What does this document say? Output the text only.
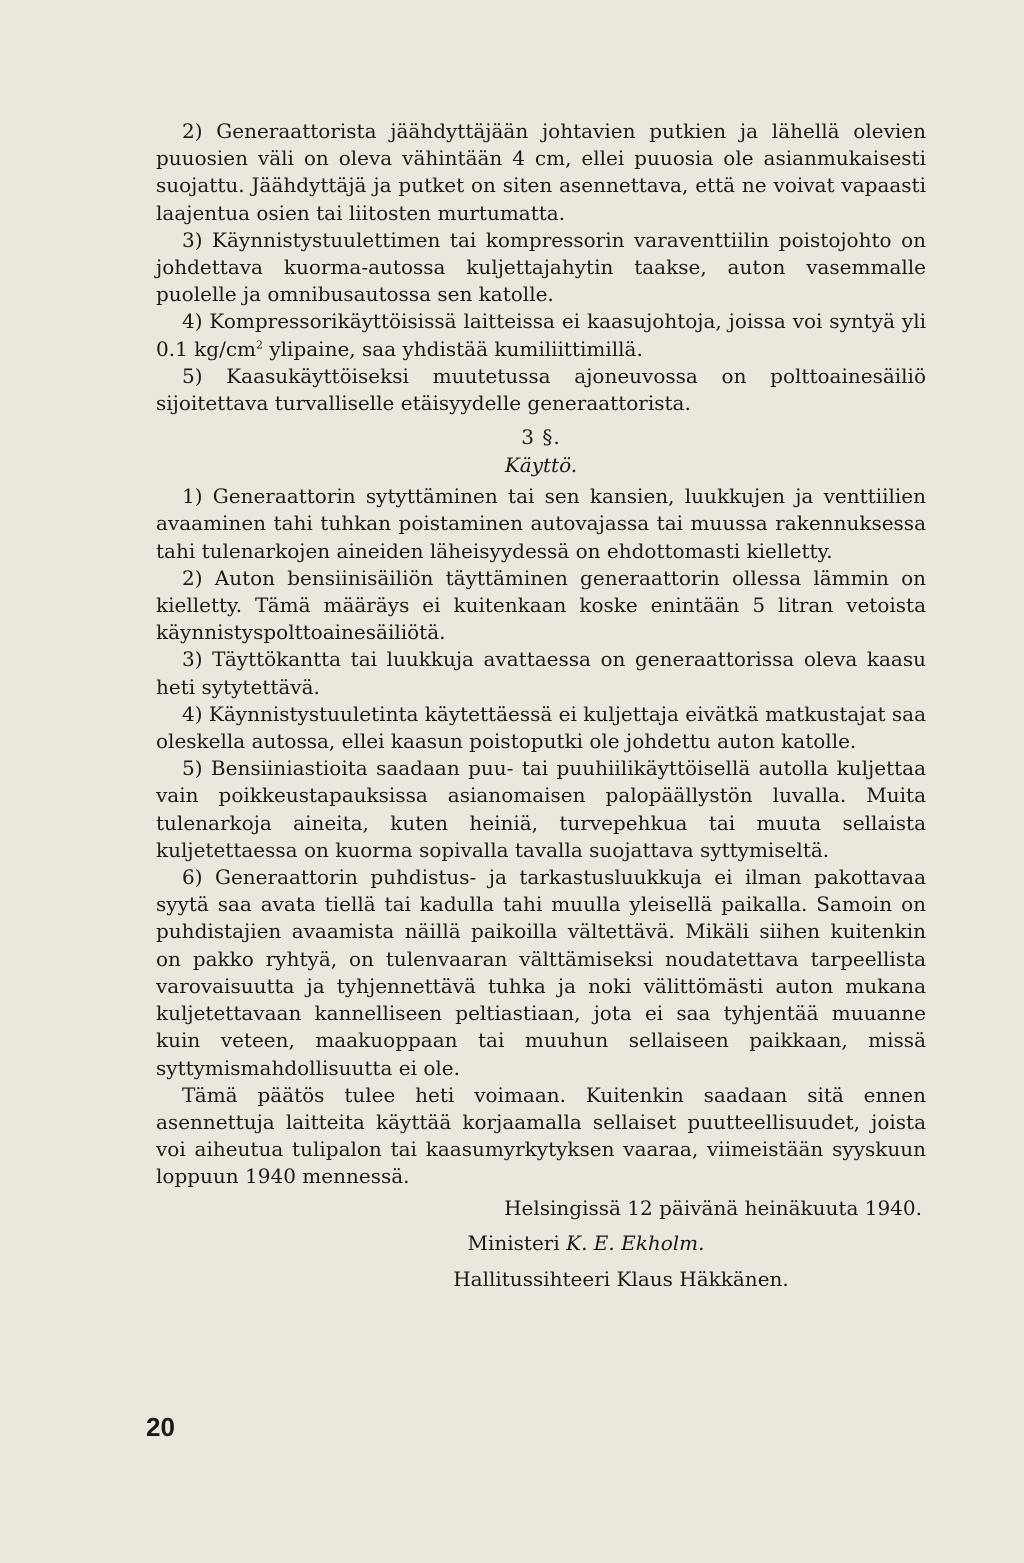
2) Generaattorista jäähdyttäjään johtavien putkien ja lähellä olevien puuosien väli on oleva vähintään 4 cm, ellei puuosia ole asianmukaisesti suojattu. Jäähdyttäjä ja putket on siten asennettava, että ne voivat vapaasti laajentua osien tai liitosten murtumatta.

3) Käynnistystuulettimen tai kompressorin varaventtiilin poistojohto on johdettava kuorma-autossa kuljettajahytin taakse, auton vasemmalle puolelle ja omnibusautossa sen katolle.

4) Kompressorikäyttöisissä laitteissa ei kaasujohtoja, joissa voi syntyä yli 0.1 $kg/cm^2$ ylipaine, saa yhdistää kumiliittimillä.

5) Kaasukäyttöiseksi muutetussa ajoneuvossa on polttoainesäiliö sijoitettava turvalliselle etäisyydelle generaattorista.

3 §.

Käyttö.

1) Generaattorin sytyttäminen tai sen kansien, luukkujen ja venttiilien avaaminen tahi tuhkan poistaminen autovajassa tai muussa rakennuksessa tahi tulenarkojen aineiden läheisyydessä on ehdottomasti kielletty.

2) Auton bensiinisäiliön täyttäminen generaattorin ollessa lämmin on kielletty. Tämä määräys ei kuitenkaan koske enintään 5 litran vetoista käynnistyspolttoainesäiliötä.

3) Täyttökantta tai luukkuja avattaessa on generaattorissa oleva kaasu heti sytytettävä.

4) Käynnistystuuletinta käytettäessä ei kuljettaja eivätkä matkustajat saa oleskella autossa, ellei kaasun poistoputki ole johdettu auton katolle.

5) Bensiiniastioita saadaan puu- tai puuhiilikäyttöisellä autolla kuljettaa vain poikkeustapauksissa asianomaisen palopäällystön luvalla. Muita tulenarkoja aineita, kuten heiniä, turvepehkua tai muuta sellaista kuljetettaessa on kuorma sopivalla tavalla suojattava syttymiseltä.

6) Generaattorin puhdistus- ja tarkastusluukkuja ei ilman pakottavaa syytä saa avata tiellä tai kadulla tahi muulla yleisellä paikalla. Samoin on puhdistajien avaamista näillä paikoilla vältettävä. Mikäli siihen kuitenkin on pakko ryhtyä, on tulenvaaran välttämiseksi noudatettava tarpeellista varovaisuutta ja tyhjennettävä tuhka ja noki välittömästi auton mukana kuljetettavaan kannelliseen peltiastiaan, jota ei saa tyhjentää muuanne kuin veteen, maakuoppaan tai muuhun sellaiseen paikkaan, missä syttymismahdollisuutta ei ole.

Tämä päätös tulee heti voimaan. Kuitenkin saadaan sitä ennen asennettuja laitteita käyttää korjaamalla sellaiset puutteellisuudet, joista voi aiheutua tulipalon tai kaasumyrkytyksen vaaraa, viimeistään syyskuun loppuun 1940 mennessä.

Helsingissä 12 päivänä heinäkuuta 1940.

Ministeri K. E. Ekholm.

Hallitussihteeri Klaus Häkkänen.

20
